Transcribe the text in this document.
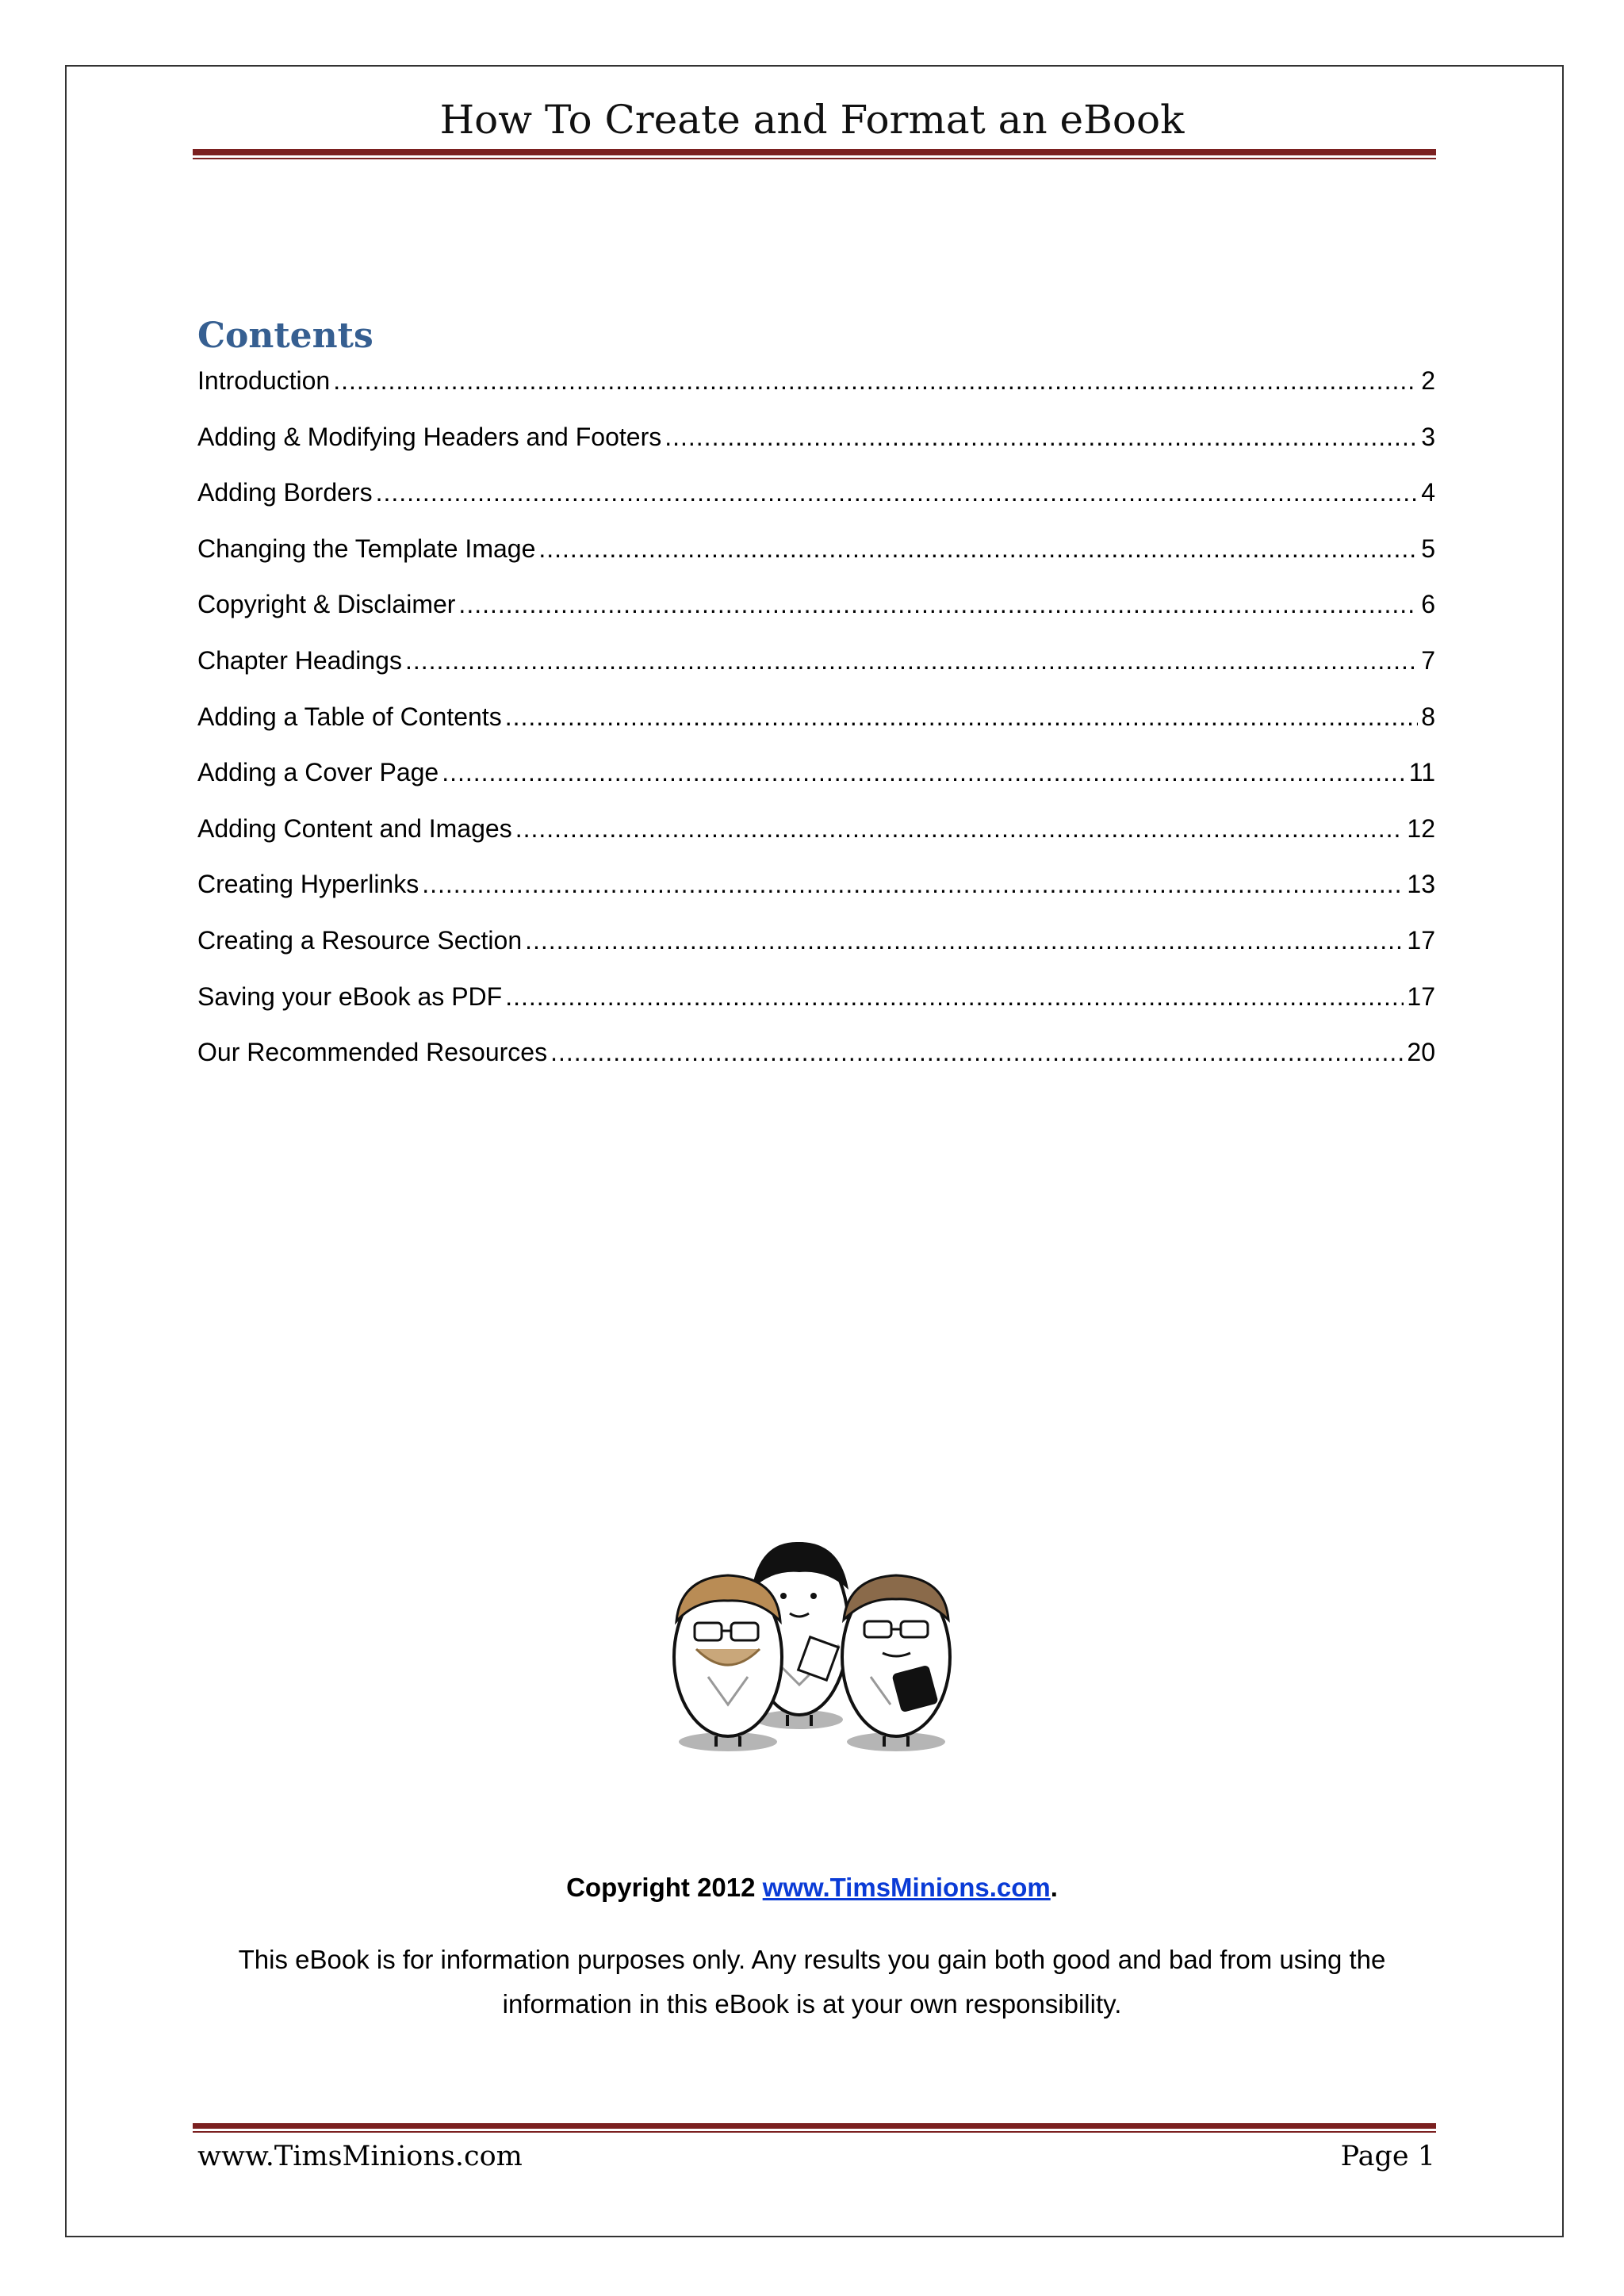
How To Create and Format an eBook
Contents
Introduction .....	2
Adding & Modifying Headers and Footers .....	3
Adding Borders .....	4
Changing the Template Image .....	5
Copyright & Disclaimer .....	6
Chapter Headings .....	7
Adding a Table of Contents .....	8
Adding a Cover Page .....	11
Adding Content and Images .....	12
Creating Hyperlinks .....	13
Creating a Resource Section .....	17
Saving your eBook as PDF .....	17
Our Recommended Resources .....	20
Copyright 2012 www.TimsMinions.com.
This eBook is for information purposes only. Any results you gain both good and bad from using the information in this eBook is at your own responsibility.
www.TimsMinions.com	Page 1
